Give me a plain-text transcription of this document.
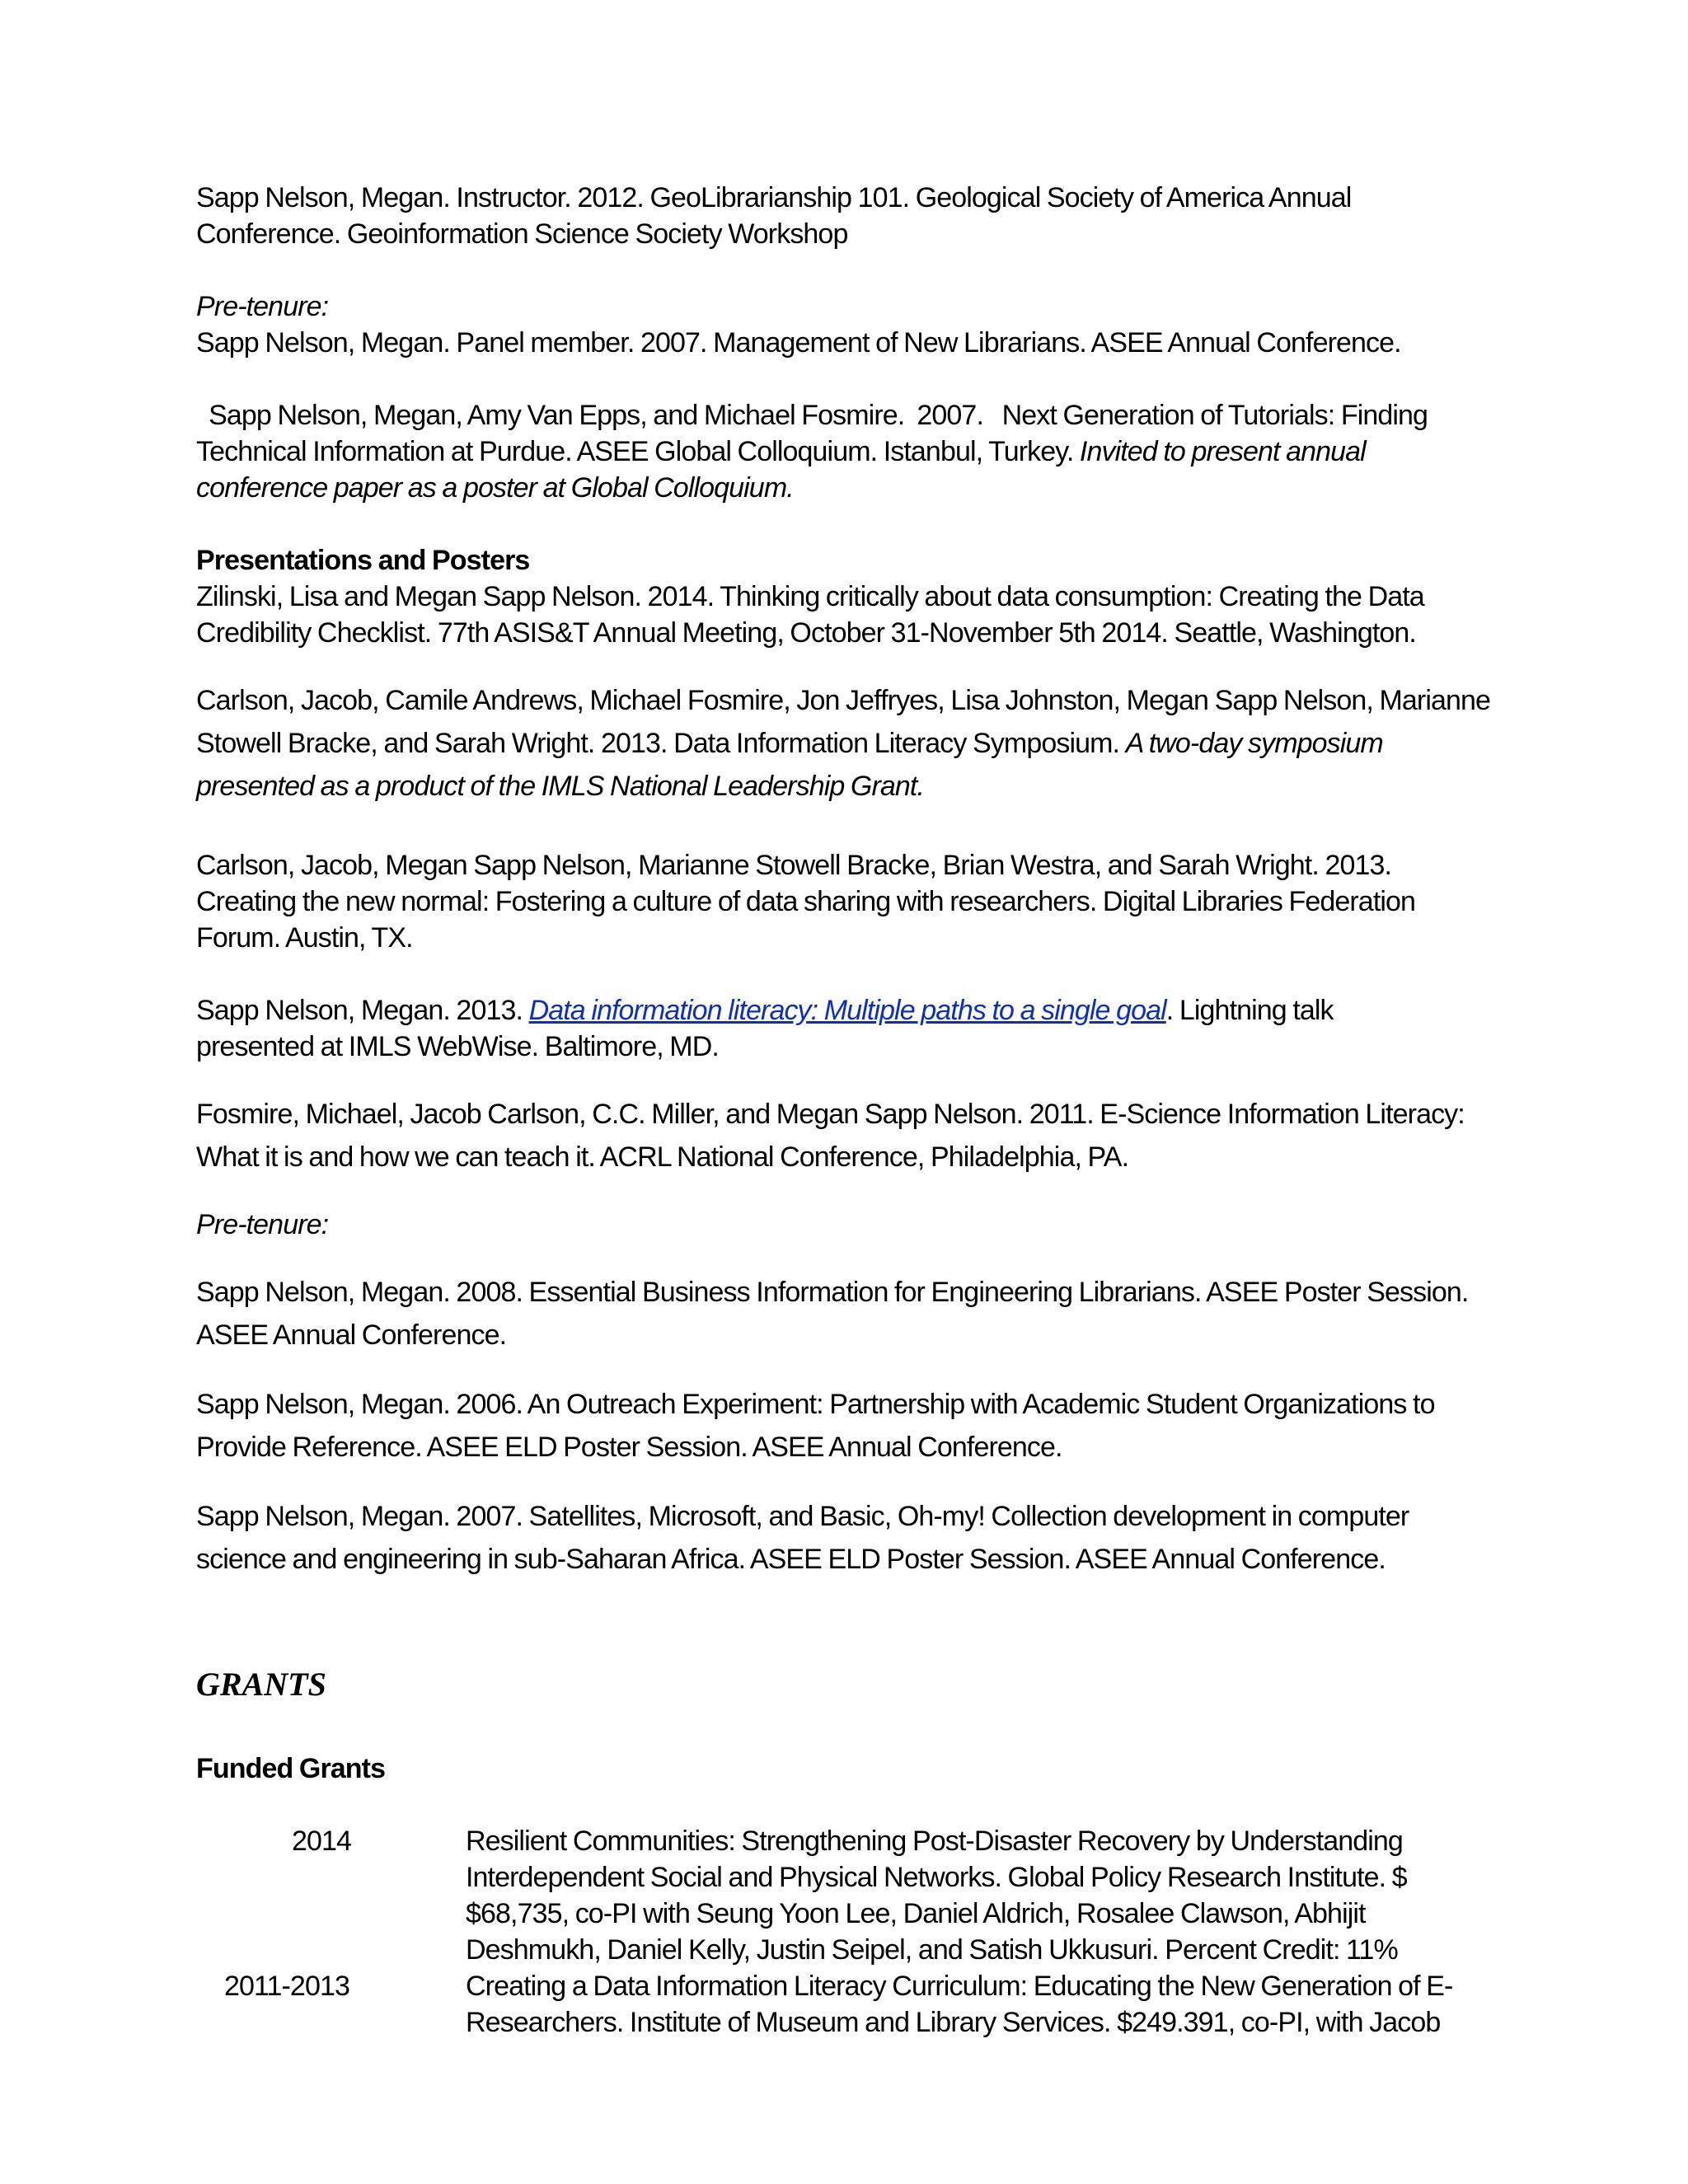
Sapp Nelson, Megan. Instructor. 2012. GeoLibrarianship 101. Geological Society of America Annual
Conference. Geoinformation Science Society Workshop
Pre-tenure:
Sapp Nelson, Megan. Panel member. 2007. Management of New Librarians. ASEE Annual Conference.
Sapp Nelson, Megan, Amy Van Epps, and Michael Fosmire.  2007.   Next Generation of Tutorials: Finding
Technical Information at Purdue. ASEE Global Colloquium. Istanbul, Turkey. Invited to present annual
conference paper as a poster at Global Colloquium.
Presentations and Posters
Zilinski, Lisa and Megan Sapp Nelson. 2014. Thinking critically about data consumption: Creating the Data
Credibility Checklist. 77th ASIS&T Annual Meeting, October 31-November 5th 2014. Seattle, Washington.
Carlson, Jacob, Camile Andrews, Michael Fosmire, Jon Jeffryes, Lisa Johnston, Megan Sapp Nelson, Marianne
Stowell Bracke, and Sarah Wright. 2013. Data Information Literacy Symposium. A two-day symposium
presented as a product of the IMLS National Leadership Grant.
Carlson, Jacob, Megan Sapp Nelson, Marianne Stowell Bracke, Brian Westra, and Sarah Wright. 2013.
Creating the new normal: Fostering a culture of data sharing with researchers. Digital Libraries Federation
Forum. Austin, TX.
Sapp Nelson, Megan. 2013. Data information literacy: Multiple paths to a single goal. Lightning talk
presented at IMLS WebWise. Baltimore, MD.
Fosmire, Michael, Jacob Carlson, C.C. Miller, and Megan Sapp Nelson. 2011. E-Science Information Literacy:
What it is and how we can teach it. ACRL National Conference, Philadelphia, PA.
Pre-tenure:
Sapp Nelson, Megan. 2008. Essential Business Information for Engineering Librarians. ASEE Poster Session.
ASEE Annual Conference.
Sapp Nelson, Megan. 2006. An Outreach Experiment: Partnership with Academic Student Organizations to
Provide Reference. ASEE ELD Poster Session. ASEE Annual Conference.
Sapp Nelson, Megan. 2007. Satellites, Microsoft, and Basic, Oh-my! Collection development in computer
science and engineering in sub-Saharan Africa. ASEE ELD Poster Session. ASEE Annual Conference.
GRANTS
Funded Grants
2014	Resilient Communities: Strengthening Post-Disaster Recovery by Understanding
Interdependent Social and Physical Networks. Global Policy Research Institute. $
$68,735, co-PI with Seung Yoon Lee, Daniel Aldrich, Rosalee Clawson, Abhijit
Deshmukh, Daniel Kelly, Justin Seipel, and Satish Ukkusuri. Percent Credit: 11%
2011-2013	Creating a Data Information Literacy Curriculum: Educating the New Generation of E-
Researchers. Institute of Museum and Library Services. $249.391, co-PI, with Jacob
